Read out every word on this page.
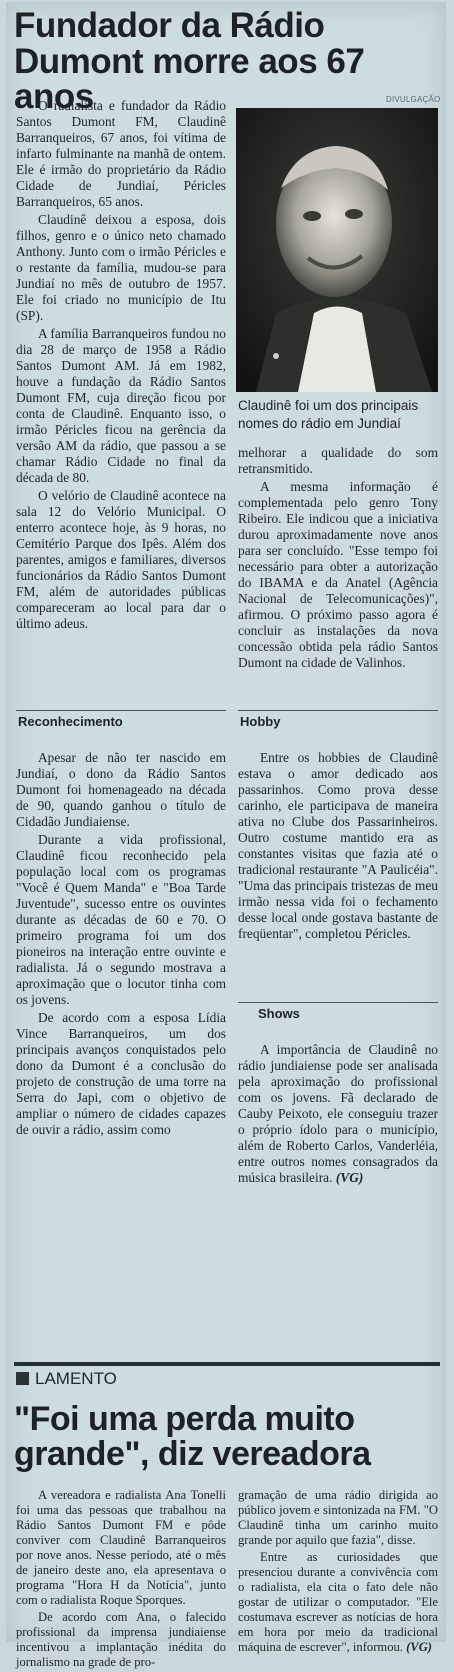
Fundador da Rádio
Dumont morre aos 67 anos	DIVULGAÇÃO

O radialista e fundador da Rádio Santos Dumont FM, Claudinê Barranqueiros, 67 anos, foi vítima de infarto fulminante na manhã de ontem. Ele é irmão do proprietário da Rádio Cidade de Jundiaí, Péricles Barranqueiros, 65 anos.

Claudinê deixou a esposa, dois filhos, genro e o único neto chamado Anthony. Junto com o irmão Péricles e o restante da família, mudou-se para Jundiaí no mês de outubro de 1957. Ele foi criado no município de Itu (SP).

A família Barranqueiros fundou no dia 28 de março de 1958 a Rádio Santos Dumont AM. Já em 1982, houve a fundação da Rádio Santos Dumont FM, cuja direção ficou por conta de Claudinê. Enquanto isso, o irmão Péricles ficou na gerência da versão AM da rádio, que passou a se chamar Rádio Cidade no final da década de 80.

O velório de Claudinê acontece na sala 12 do Velório Municipal. O enterro acontece hoje, às 9 horas, no Cemitério Parque dos Ipês. Além dos parentes, amigos e familiares, diversos funcionários da Rádio Santos Dumont FM, além de autoridades públicas compareceram ao local para dar o último adeus.

Claudinê foi um dos principais nomes do rádio em Jundiaí

melhorar a qualidade do som retransmitido.

A mesma informação é complementada pelo genro Tony Ribeiro. Ele indicou que a iniciativa durou aproximadamente nove anos para ser concluído. "Esse tempo foi necessário para obter a autorização do IBAMA e da Anatel (Agência Nacional de Telecomunicações)", afirmou. O próximo passo agora é concluir as instalações da nova concessão obtida pela rádio Santos Dumont na cidade de Valinhos.

Reconhecimento	Hobby

Apesar de não ter nascido em Jundiaí, o dono da Rádio Santos Dumont foi homenageado na década de 90, quando ganhou o título de Cidadão Jundiaiense.

Durante a vida profissional, Claudinê ficou reconhecido pela população local com os programas "Você é Quem Manda" e "Boa Tarde Juventude", sucesso entre os ouvintes durante as décadas de 60 e 70. O primeiro programa foi um dos pioneiros na interação entre ouvinte e radialista. Já o segundo mostrava a aproximação que o locutor tinha com os jovens.

De acordo com a esposa Lídia Vince Barranqueiros, um dos principais avanços conquistados pelo dono da Dumont é a conclusão do projeto de construção de uma torre na Serra do Japi, com o objetivo de ampliar o número de cidades capazes de ouvir a rádio, assim como

Entre os hobbies de Claudinê estava o amor dedicado aos passarinhos. Como prova desse carinho, ele participava de maneira ativa no Clube dos Passarinheiros. Outro costume mantido era as constantes visitas que fazia até o tradicional restaurante "A Paulicéia". "Uma das principais tristezas de meu irmão nessa vida foi o fechamento desse local onde gostava bastante de freqüentar", completou Péricles.

Shows

A importância de Claudinê no rádio jundiaiense pode ser analisada pela aproximação do profissional com os jovens. Fã declarado de Cauby Peixoto, ele conseguiu trazer o próprio ídolo para o município, além de Roberto Carlos, Vanderléia, entre outros nomes consagrados da música brasileira. (VG)

LAMENTO
"Foi uma perda muito
grande", diz vereadora

A vereadora e radialista Ana Tonelli foi uma das pessoas que trabalhou na Rádio Santos Dumont FM e pôde conviver com Claudinê Barranqueiros por nove anos. Nesse período, até o mês de janeiro deste ano, ela apresentava o programa "Hora H da Notícia", junto com o radialista Roque Sporques.

De acordo com Ana, o falecido profissional da imprensa jundiaiense incentivou a implantação inédita do jornalismo na grade de pro-

gramação de uma rádio dirigida ao público jovem e sintonizada na FM. "O Claudinê tinha um carinho muito grande por aquilo que fazia", disse.

Entre as curiosidades que presenciou durante a convivência com o radialista, ela cita o fato dele não gostar de utilizar o computador. "Ele costumava escrever as notícias de hora em hora por meio da tradicional máquina de escrever", informou. (VG)
